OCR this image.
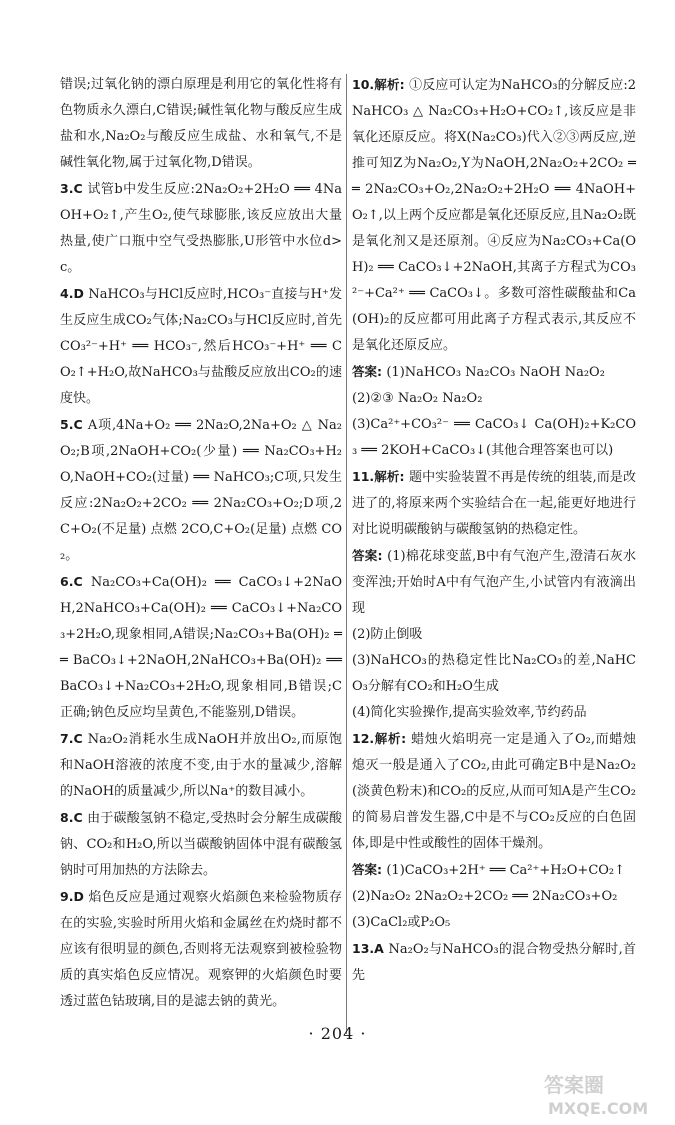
错误;过氧化钠的漂白原理是利用它的氧化性将有色物质永久漂白,C错误;碱性氧化物与酸反应生成盐和水,Na₂O₂与酸反应生成盐、水和氧气,不是碱性氧化物,属于过氧化物,D错误。

3.C 试管b中发生反应:2Na₂O₂+2H₂O ══ 4NaOH+O₂↑,产生O₂,使气球膨胀,该反应放出大量热量,使广口瓶中空气受热膨胀,U形管中水位d>c。

4.D NaHCO₃与HCl反应时,HCO₃⁻直接与H⁺发生反应生成CO₂气体;Na₂CO₃与HCl反应时,首先CO₃²⁻+H⁺ ══ HCO₃⁻,然后HCO₃⁻+H⁺ ══ CO₂↑+H₂O,故NaHCO₃与盐酸反应放出CO₂的速度快。

5.C A项,4Na+O₂ ══ 2Na₂O,2Na+O₂ △ Na₂O₂;B项,2NaOH+CO₂(少量) ══ Na₂CO₃+H₂O,NaOH+CO₂(过量) ══ NaHCO₃;C项,只发生反应:2Na₂O₂+2CO₂ ══ 2Na₂CO₃+O₂;D项,2C+O₂(不足量) 点燃 2CO,C+O₂(足量) 点燃 CO₂。

6.C Na₂CO₃+Ca(OH)₂ ══ CaCO₃↓+2NaOH,2NaHCO₃+Ca(OH)₂ ══ CaCO₃↓+Na₂CO₃+2H₂O,现象相同,A错误;Na₂CO₃+Ba(OH)₂ ══ BaCO₃↓+2NaOH,2NaHCO₃+Ba(OH)₂ ══ BaCO₃↓+Na₂CO₃+2H₂O,现象相同,B错误;C正确;钠色反应均呈黄色,不能鉴别,D错误。

7.C Na₂O₂消耗水生成NaOH并放出O₂,而原饱和NaOH溶液的浓度不变,由于水的量减少,溶解的NaOH的质量减少,所以Na⁺的数目减小。

8.C 由于碳酸氢钠不稳定,受热时会分解生成碳酸钠、CO₂和H₂O,所以当碳酸钠固体中混有碳酸氢钠时可用加热的方法除去。

9.D 焰色反应是通过观察火焰颜色来检验物质存在的实验,实验时所用火焰和金属丝在灼烧时都不应该有很明显的颜色,否则将无法观察到被检验物质的真实焰色反应情况。观察钾的火焰颜色时要透过蓝色钴玻璃,目的是滤去钠的黄光。

10.解析: ①反应可认定为NaHCO₃的分解反应:2NaHCO₃ △ Na₂CO₃+H₂O+CO₂↑,该反应是非氧化还原反应。将X(Na₂CO₃)代入②③两反应,逆推可知Z为Na₂O₂,Y为NaOH,2Na₂O₂+2CO₂ ══ 2Na₂CO₃+O₂,2Na₂O₂+2H₂O ══ 4NaOH+O₂↑,以上两个反应都是氧化还原反应,且Na₂O₂既是氧化剂又是还原剂。④反应为Na₂CO₃+Ca(OH)₂ ══ CaCO₃↓+2NaOH,其离子方程式为CO₃²⁻+Ca²⁺ ══ CaCO₃↓。多数可溶性碳酸盐和Ca(OH)₂的反应都可用此离子方程式表示,其反应不是氧化还原反应。

答案: (1)NaHCO₃ Na₂CO₃ NaOH Na₂O₂

(2)②③ Na₂O₂ Na₂O₂

(3)Ca²⁺+CO₃²⁻ ══ CaCO₃↓ Ca(OH)₂+K₂CO₃ ══ 2KOH+CaCO₃↓(其他合理答案也可以)

11.解析: 题中实验装置不再是传统的组装,而是改进了的,将原来两个实验结合在一起,能更好地进行对比说明碳酸钠与碳酸氢钠的热稳定性。

答案: (1)棉花球变蓝,B中有气泡产生,澄清石灰水变浑浊;开始时A中有气泡产生,小试管内有液滴出现

(2)防止倒吸

(3)NaHCO₃的热稳定性比Na₂CO₃的差,NaHCO₃分解有CO₂和H₂O生成

(4)简化实验操作,提高实验效率,节约药品

12.解析: 蜡烛火焰明亮一定是通入了O₂,而蜡烛熄灭一般是通入了CO₂,由此可确定B中是Na₂O₂(淡黄色粉末)和CO₂的反应,从而可知A是产生CO₂的简易启普发生器,C中是不与CO₂反应的白色固体,即是中性或酸性的固体干燥剂。

答案: (1)CaCO₃+2H⁺ ══ Ca²⁺+H₂O+CO₂↑

(2)Na₂O₂ 2Na₂O₂+2CO₂ ══ 2Na₂CO₃+O₂

(3)CaCl₂或P₂O₅

13.A Na₂O₂与NaHCO₃的混合物受热分解时,首先

· 204 ·
答案圈
MXQE.COM
